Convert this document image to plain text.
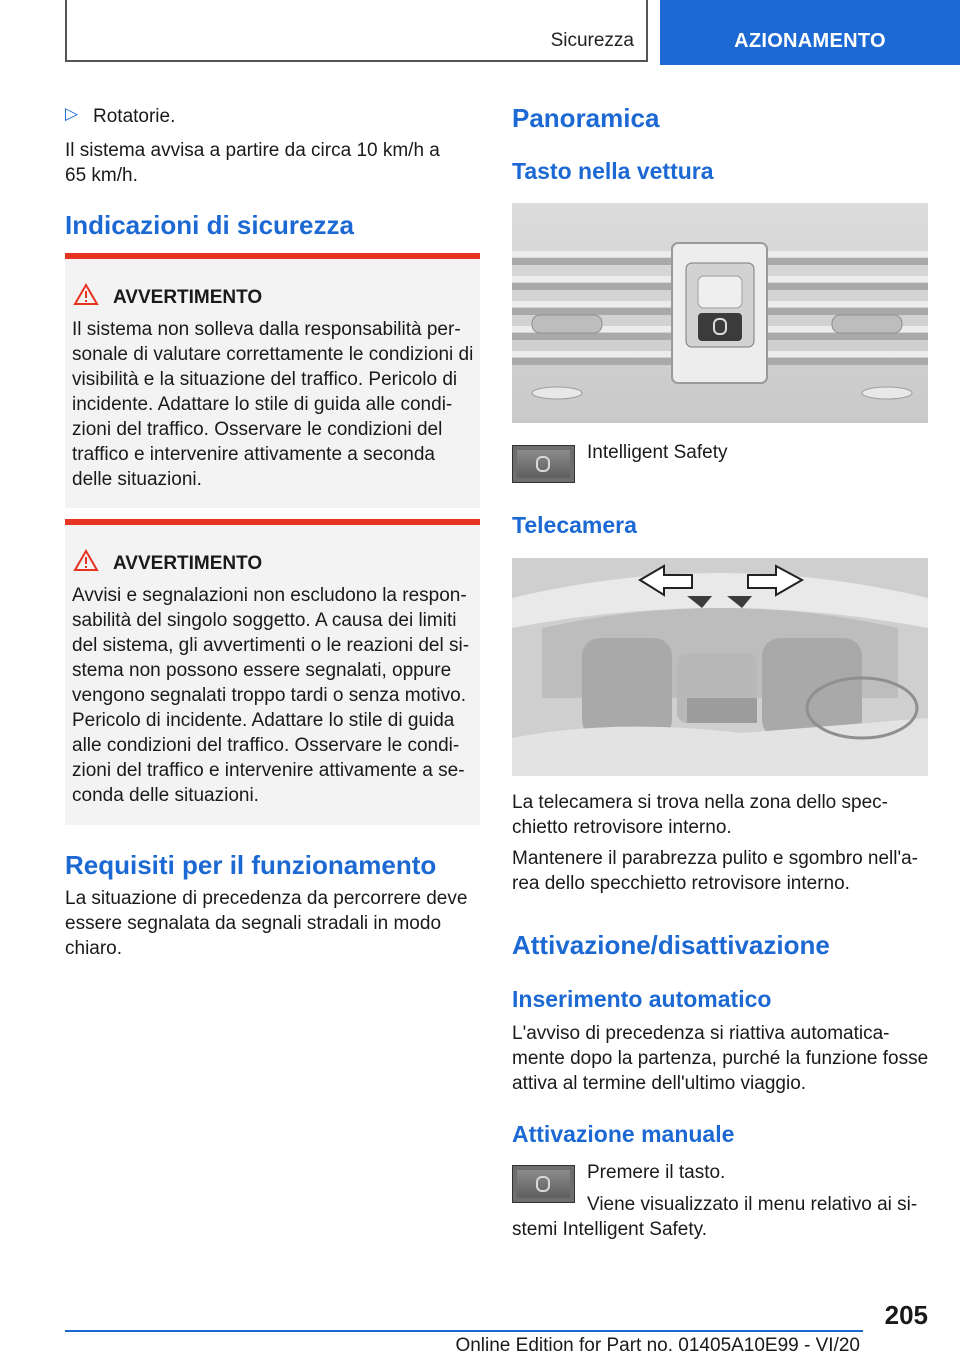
Sicurezza	AZIONAMENTO
▷ Rotatorie.

Il sistema avvisa a partire da circa 10 km/h a

65 km/h.

Indicazioni di sicurezza
AVVERTIMENTO

Il sistema non solleva dalla responsabilità per-

sonale di valutare correttamente le condizioni di

visibilità e la situazione del traffico. Pericolo di

incidente. Adattare lo stile di guida alle condi-

zioni del traffico. Osservare le condizioni del

traffico e intervenire attivamente a seconda

delle situazioni.

AVVERTIMENTO

Avvisi e segnalazioni non escludono la respon-

sabilità del singolo soggetto. A causa dei limiti

del sistema, gli avvertimenti o le reazioni del si-

stema non possono essere segnalati, oppure

vengono segnalati troppo tardi o senza motivo.

Pericolo di incidente. Adattare lo stile di guida

alle condizioni del traffico. Osservare le condi-

zioni del traffico e intervenire attivamente a se-

conda delle situazioni.

Requisiti per il funzionamento

La situazione di precedenza da percorrere deve

essere segnalata da segnali stradali in modo

chiaro.

Panoramica
Tasto nella vettura

Intelligent Safety

Telecamera

La telecamera si trova nella zona dello spec-

chietto retrovisore interno.

Mantenere il parabrezza pulito e sgombro nell'a-

rea dello specchietto retrovisore interno.

Attivazione/disattivazione
Inserimento automatico

L'avviso di precedenza si riattiva automatica-

mente dopo la partenza, purché la funzione fosse

attiva al termine dell'ultimo viaggio.

Attivazione manuale

Premere il tasto.

Viene visualizzato il menu relativo ai si-

stemi Intelligent Safety.

205
Online Edition for Part no. 01405A10E99 - VI/20
